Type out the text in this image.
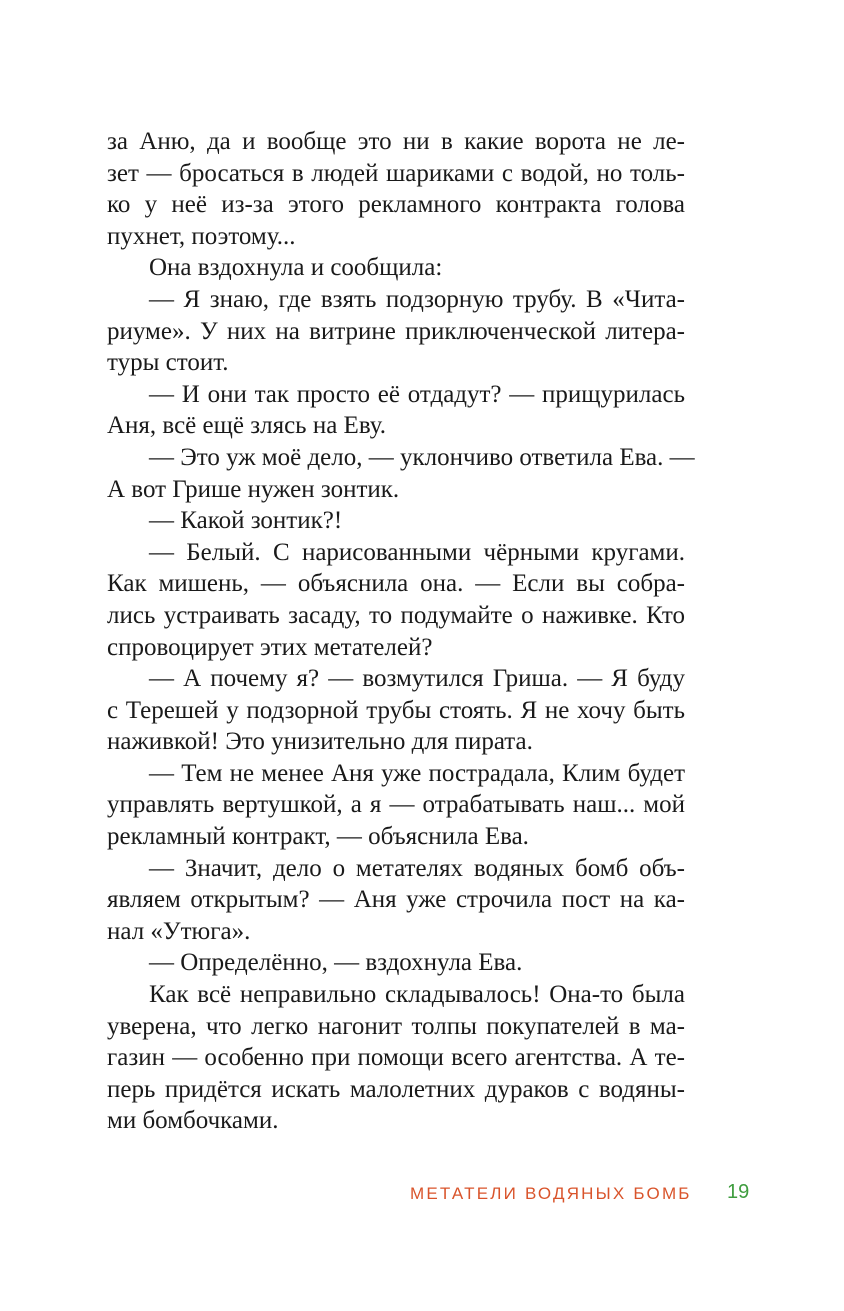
за Аню, да и вообще это ни в какие ворота не ле-
зет — бросаться в людей шариками с водой, но толь-
ко у неё из-за этого рекламного контракта голова
пухнет, поэтому...
Она вздохнула и сообщила:
— Я знаю, где взять подзорную трубу. В «Чита-
риуме». У них на витрине приключенческой литера-
туры стоит.
— И они так просто её отдадут? — прищурилась
Аня, всё ещё злясь на Еву.
— Это уж моё дело, — уклончиво ответила Ева. —
А вот Грише нужен зонтик.
— Какой зонтик?!
— Белый. С нарисованными чёрными кругами.
Как мишень, — объяснила она. — Если вы собра-
лись устраивать засаду, то подумайте о наживке. Кто
спровоцирует этих метателей?
— А почему я? — возмутился Гриша. — Я буду
с Терешей у подзорной трубы стоять. Я не хочу быть
наживкой! Это унизительно для пирата.
— Тем не менее Аня уже пострадала, Клим будет
управлять вертушкой, а я — отрабатывать наш... мой
рекламный контракт, — объяснила Ева.
— Значит, дело о метателях водяных бомб объ-
являем открытым? — Аня уже строчила пост на ка-
нал «Утюга».
— Определённо, — вздохнула Ева.
Как всё неправильно складывалось! Она-то была
уверена, что легко нагонит толпы покупателей в ма-
газин — особенно при помощи всего агентства. А те-
перь придётся искать малолетних дураков с водяны-
ми бомбочками.
МЕТАТЕЛИ ВОДЯНЫХ БОМБ 19
